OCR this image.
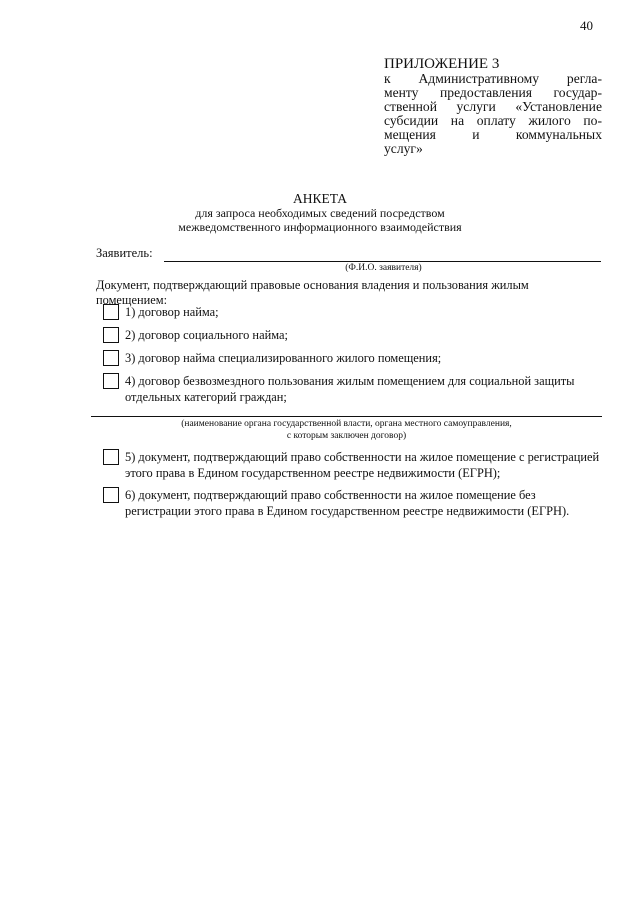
40
ПРИЛОЖЕНИЕ 3
к Административному регла-
менту предоставления государ-
ственной услуги «Установление
субсидии на оплату жилого по-
мещения и коммунальных
услуг»
АНКЕТА
для запроса необходимых сведений посредством
межведомственного информационного взаимодействия
Заявитель:
(Ф.И.О. заявителя)
Документ, подтверждающий правовые основания владения и пользования жилым помещением:
1) договор найма;
2) договор социального найма;
3) договор найма специализированного жилого помещения;
4) договор безвозмездного пользования жилым помещением для социальной защиты отдельных категорий граждан;
(наименование органа государственной власти, органа местного самоуправления,
с которым заключен договор)
5) документ, подтверждающий право собственности на жилое помещение с регистрацией этого права в Едином государственном реестре недвижимости (ЕГРН);
6) документ, подтверждающий право собственности на жилое помещение без регистрации этого права в Едином государственном реестре недвижимости (ЕГРН).
